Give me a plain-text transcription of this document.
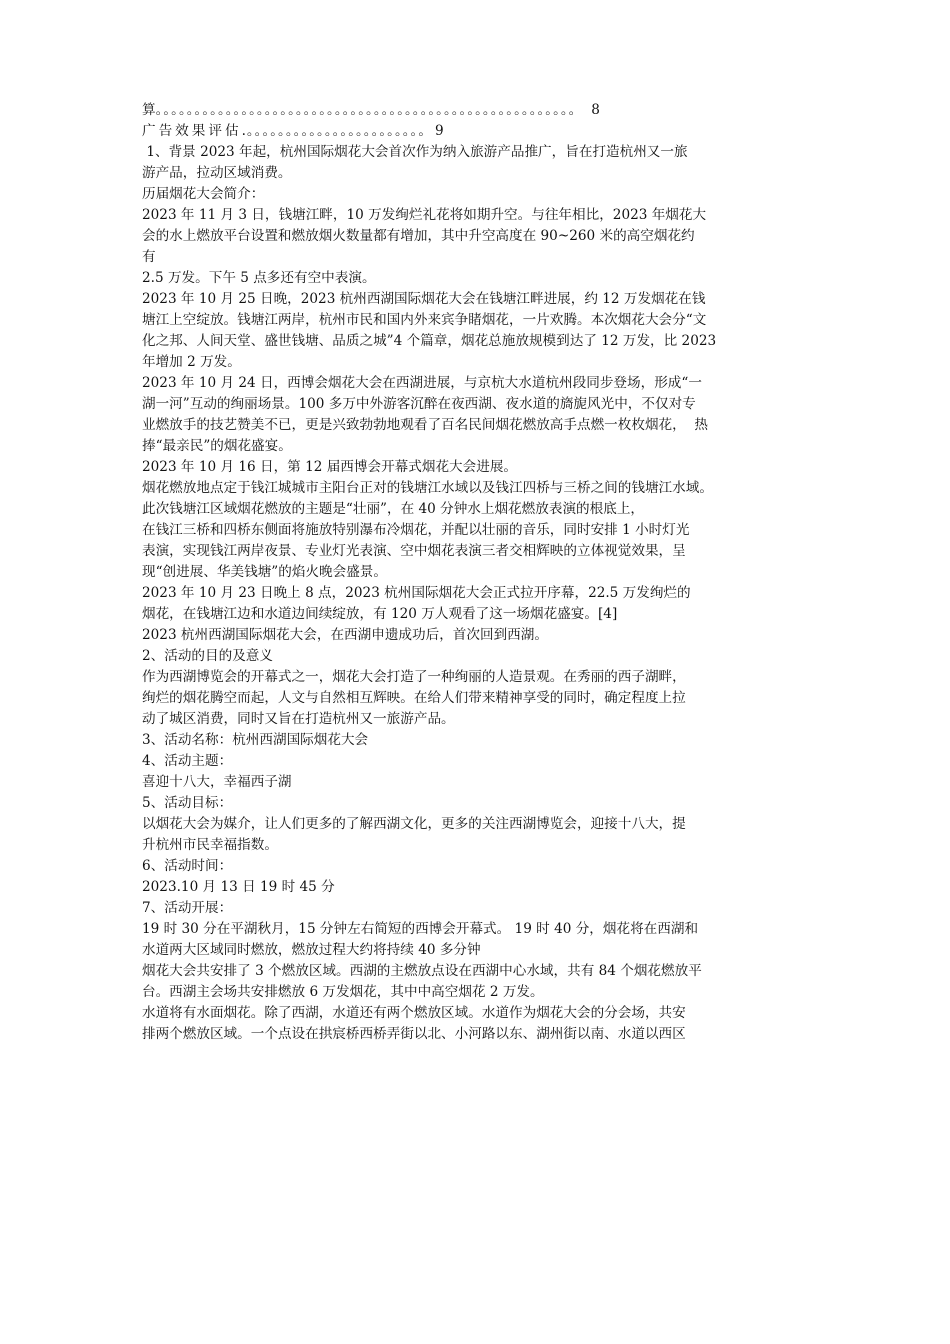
算 。。。。。。。。。。。。。。。。。。。。。。。。。。。。。。。。。。。。。。。。。。。。。。。。。。。。。。 8
广告效果评估 .。。。。。。。。。。。。。。。。。。。。。。。 9
1、背景 2023 年起，杭州国际烟花大会首次作为纳入旅游产品推广，旨在打造杭州又一旅
游产品，拉动区域消费。
历届烟花大会简介：
2023 年 11 月 3 日，钱塘江畔，10 万发绚烂礼花将如期升空。与往年相比，2023 年烟花大
会的水上燃放平台设置和燃放烟火数量都有增加，其中升空高度在 90~260 米的高空烟花约
有
2.5 万发。下午 5 点多还有空中表演。
2023 年 10 月 25 日晚，2023 杭州西湖国际烟花大会在钱塘江畔进展，约 12 万发烟花在钱
塘江上空绽放。钱塘江两岸，杭州市民和国内外来宾争睹烟花，一片欢腾。本次烟花大会分“文
化之邦、人间天堂、盛世钱塘、品质之城”4 个篇章，烟花总施放规模到达了 12 万发，比 2023
年增加 2 万发。
2023 年 10 月 24 日，西博会烟花大会在西湖进展，与京杭大水道杭州段同步登场，形成“一
湖一河”互动的绚丽场景。100 多万中外游客沉醉在夜西湖、夜水道的旖旎风光中，不仅对专
业燃放手的技艺赞美不已，更是兴致勃勃地观看了百名民间烟花燃放高手点燃一枚枚烟花，  热
捧“最亲民”的烟花盛宴。
2023 年 10 月 16 日，第 12 届西博会开幕式烟花大会进展。
烟花燃放地点定于钱江城城市主阳台正对的钱塘江水域以及钱江四桥与三桥之间的钱塘江水域。
此次钱塘江区域烟花燃放的主题是“壮丽”，在 40 分钟水上烟花燃放表演的根底上，
在钱江三桥和四桥东侧面将施放特别瀑布冷烟花，并配以壮丽的音乐，同时安排 1 小时灯光
表演，实现钱江两岸夜景、专业灯光表演、空中烟花表演三者交相辉映的立体视觉效果，呈
现“创进展、华美钱塘”的焰火晚会盛景。
2023 年 10 月 23 日晚上 8 点，2023 杭州国际烟花大会正式拉开序幕，22.5 万发绚烂的
烟花，在钱塘江边和水道边间续绽放，有 120 万人观看了这一场烟花盛宴。[4]
2023 杭州西湖国际烟花大会，在西湖申遗成功后，首次回到西湖。
2、活动的目的及意义
作为西湖博览会的开幕式之一，烟花大会打造了一种绚丽的人造景观。在秀丽的西子湖畔，
绚烂的烟花腾空而起，人文与自然相互辉映。在给人们带来精神享受的同时，确定程度上拉
动了城区消费，同时又旨在打造杭州又一旅游产品。
3、活动名称：杭州西湖国际烟花大会
4、活动主题：
喜迎十八大，幸福西子湖
5、活动目标：
以烟花大会为媒介，让人们更多的了解西湖文化，更多的关注西湖博览会，迎接十八大，提
升杭州市民幸福指数。
6、活动时间：
2023.10 月 13 日 19 时 45 分
7、活动开展：
19 时 30 分在平湖秋月，15 分钟左右简短的西博会开幕式。 19 时 40 分，烟花将在西湖和
水道两大区域同时燃放，燃放过程大约将持续 40 多分钟
烟花大会共安排了 3 个燃放区域。西湖的主燃放点设在西湖中心水域，共有 84 个烟花燃放平
台。西湖主会场共安排燃放 6 万发烟花，其中中高空烟花 2 万发。
水道将有水面烟花。除了西湖，水道还有两个燃放区域。水道作为烟花大会的分会场，共安
排两个燃放区域。一个点设在拱宸桥西桥弄街以北、小河路以东、湖州街以南、水道以西区
